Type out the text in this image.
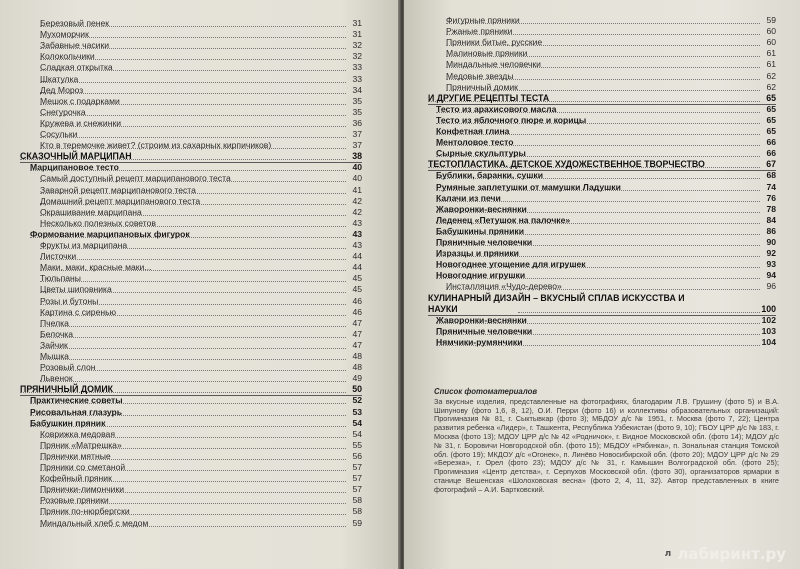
Березовый пенек	31
Мухоморчик	31
Забавные часики	32
Колокольчики	32
Сладкая открытка	33
Шкатулка	33
Дед Мороз	34
Мешок с подарками	35
Снегурочка	35
Кружева и снежинки	36
Сосульки	37
Кто в теремочке живет? (строим из сахарных кирпичиков)	37
СКАЗОЧНЫЙ МАРЦИПАН	38
Марципановое тесто	40
Самый доступный рецепт марципанового теста	40
Заварной рецепт марципанового теста	41
Домашний рецепт марципанового теста	42
Окрашивание марципана	42
Несколько полезных советов	43
Формование марципановых фигурок	43
Фрукты из марципана	43
Листочки	44
Маки, маки, красные маки...	44
Тюльпаны	45
Цветы шиповника	45
Розы и бутоны	46
Картина с сиренью	46
Пчелка	47
Белочка	47
Зайчик	47
Мышка	48
Розовый слон	48
Львенок	49
ПРЯНИЧНЫЙ ДОМИК	50
Практические советы	52
Рисовальная глазурь	53
Бабушкин пряник	54
Коврижка медовая	54
Пряник «Матрешка»	55
Прянички мятные	56
Пряники со сметаной	57
Кофейный пряник	57
Прянички-лимончики	57
Розовые пряники	58
Пряник по-нюрбергски	58
Миндальный хлеб с медом	59
Список фотоматериалов
За вкусные изделия, представленные на фотографиях, благодарим Л.В. Грушину (фото 5) и В.А. Шипунову (фото 1,6, 8, 12), О.И. Перри (фото 16) и коллективы образовательных организаций: Прогимназия № 81, г. Сыктывкар (фото 3); МБДОУ д/с № 1951, г. Москва (фото 7, 22); Центра развития ребенка «Лидер», г. Ташкента, Республика Узбекистан (фото 9, 10); ГБОУ ЦРР д/с № 183, г. Москва (фото 13); МДОУ ЦРР д/с № 42 «Родничок», г. Видное Московской обл. (фото 14); МДОУ д/с № 31, г. Боровичи Новгородской обл. (фото 15); МБДОУ «Рябинка», п. Зональная станция Томской обл. (фото 19); МКДОУ д/с «Огонек», п. Линёво Новосибирской обл. (фото 20); МДОУ ЦРР д/с № 29 «Березка», г. Орел (фото 23); МДОУ д/с № 31, г. Камышин Волгоградской обл. (фото 25); Прогимназия «Центр детства», г. Серпухов Московской обл. (фото 30), организаторов ярмарки в станице Вешенская «Шолоховская весна» (фото 2, 4, 11, 32). Автор представленных в книге фотографий – А.И. Бартковский.
Фигурные пряники	59
Ржаные пряники	60
Пряники битые, русские	60
Малиновые пряники	61
Миндальные человечки	61
Медовые звезды	62
Пряничный домик	62
И ДРУГИЕ РЕЦЕПТЫ ТЕСТА	65
Тесто из арахисового масла	65
Тесто из яблочного пюре и корицы	65
Конфетная глина	65
Ментоловое тесто	66
Сырные скульптуры	66
ТЕСТОПЛАСТИКА. ДЕТСКОЕ ХУДОЖЕСТВЕННОЕ ТВОРЧЕСТВО	67
Бублики, баранки, сушки	68
Румяные заплетушки от мамушки Ладушки	74
Калачи из печи	76
Жаворонки-веснянки	78
Леденец «Петушок на палочке»	84
Бабушкины пряники	86
Пряничные человечки	90
Изразцы и пряники	92
Новогоднее угощение для игрушек	93
Новогодние игрушки	94
Инсталляция «Чудо-дерево»	96
КУЛИНАРНЫЙ ДИЗАЙН – ВКУСНЫЙ СПЛАВ ИСКУССТВА И НАУКИ	100
Жаворонки-веснянки	102
Пряничные человечки	103
Нямчики-румянчики	104
л лабиринт.ру
